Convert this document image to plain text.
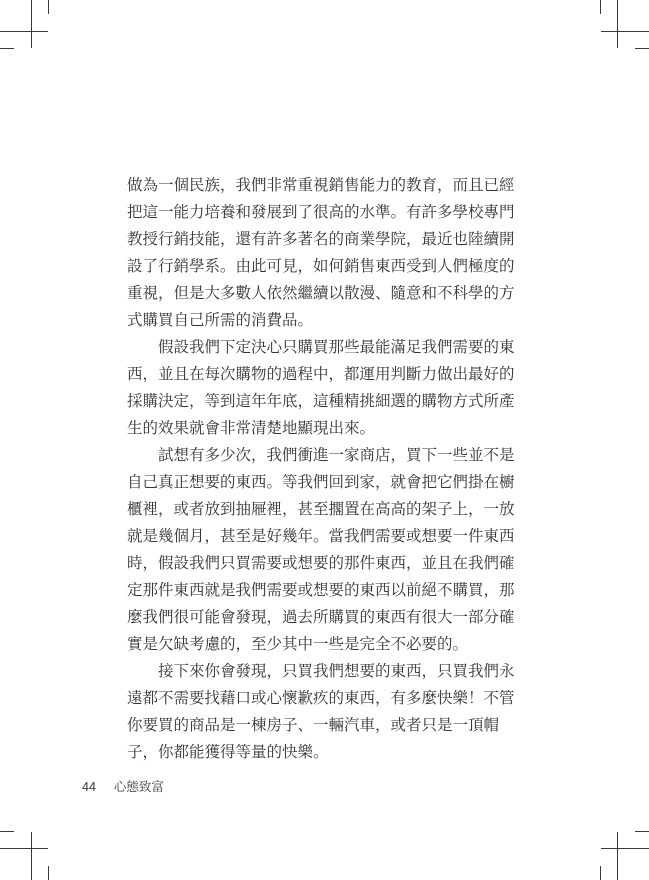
做為一個民族，我們非常重視銷售能力的教育，而且已經
把這一能力培養和發展到了很高的水準。有許多學校專門
教授行銷技能，還有許多著名的商業學院，最近也陸續開
設了行銷學系。由此可見，如何銷售東西受到人們極度的
重視，但是大多數人依然繼續以散漫、隨意和不科學的方
式購買自己所需的消費品。
　　假設我們下定決心只購買那些最能滿足我們需要的東
西，並且在每次購物的過程中，都運用判斷力做出最好的
採購決定，等到這年年底，這種精挑細選的購物方式所產
生的效果就會非常清楚地顯現出來。
　　試想有多少次，我們衝進一家商店，買下一些並不是
自己真正想要的東西。等我們回到家，就會把它們掛在櫥
櫃裡，或者放到抽屜裡，甚至擱置在高高的架子上，一放
就是幾個月，甚至是好幾年。當我們需要或想要一件東西
時，假設我們只買需要或想要的那件東西，並且在我們確
定那件東西就是我們需要或想要的東西以前絕不購買，那
麼我們很可能會發現，過去所購買的東西有很大一部分確
實是欠缺考慮的，至少其中一些是完全不必要的。
　　接下來你會發現，只買我們想要的東西，只買我們永
遠都不需要找藉口或心懷歉疚的東西，有多麼快樂！不管
你要買的商品是一棟房子、一輛汽車，或者只是一頂帽
子，你都能獲得等量的快樂。
44 心態致富
